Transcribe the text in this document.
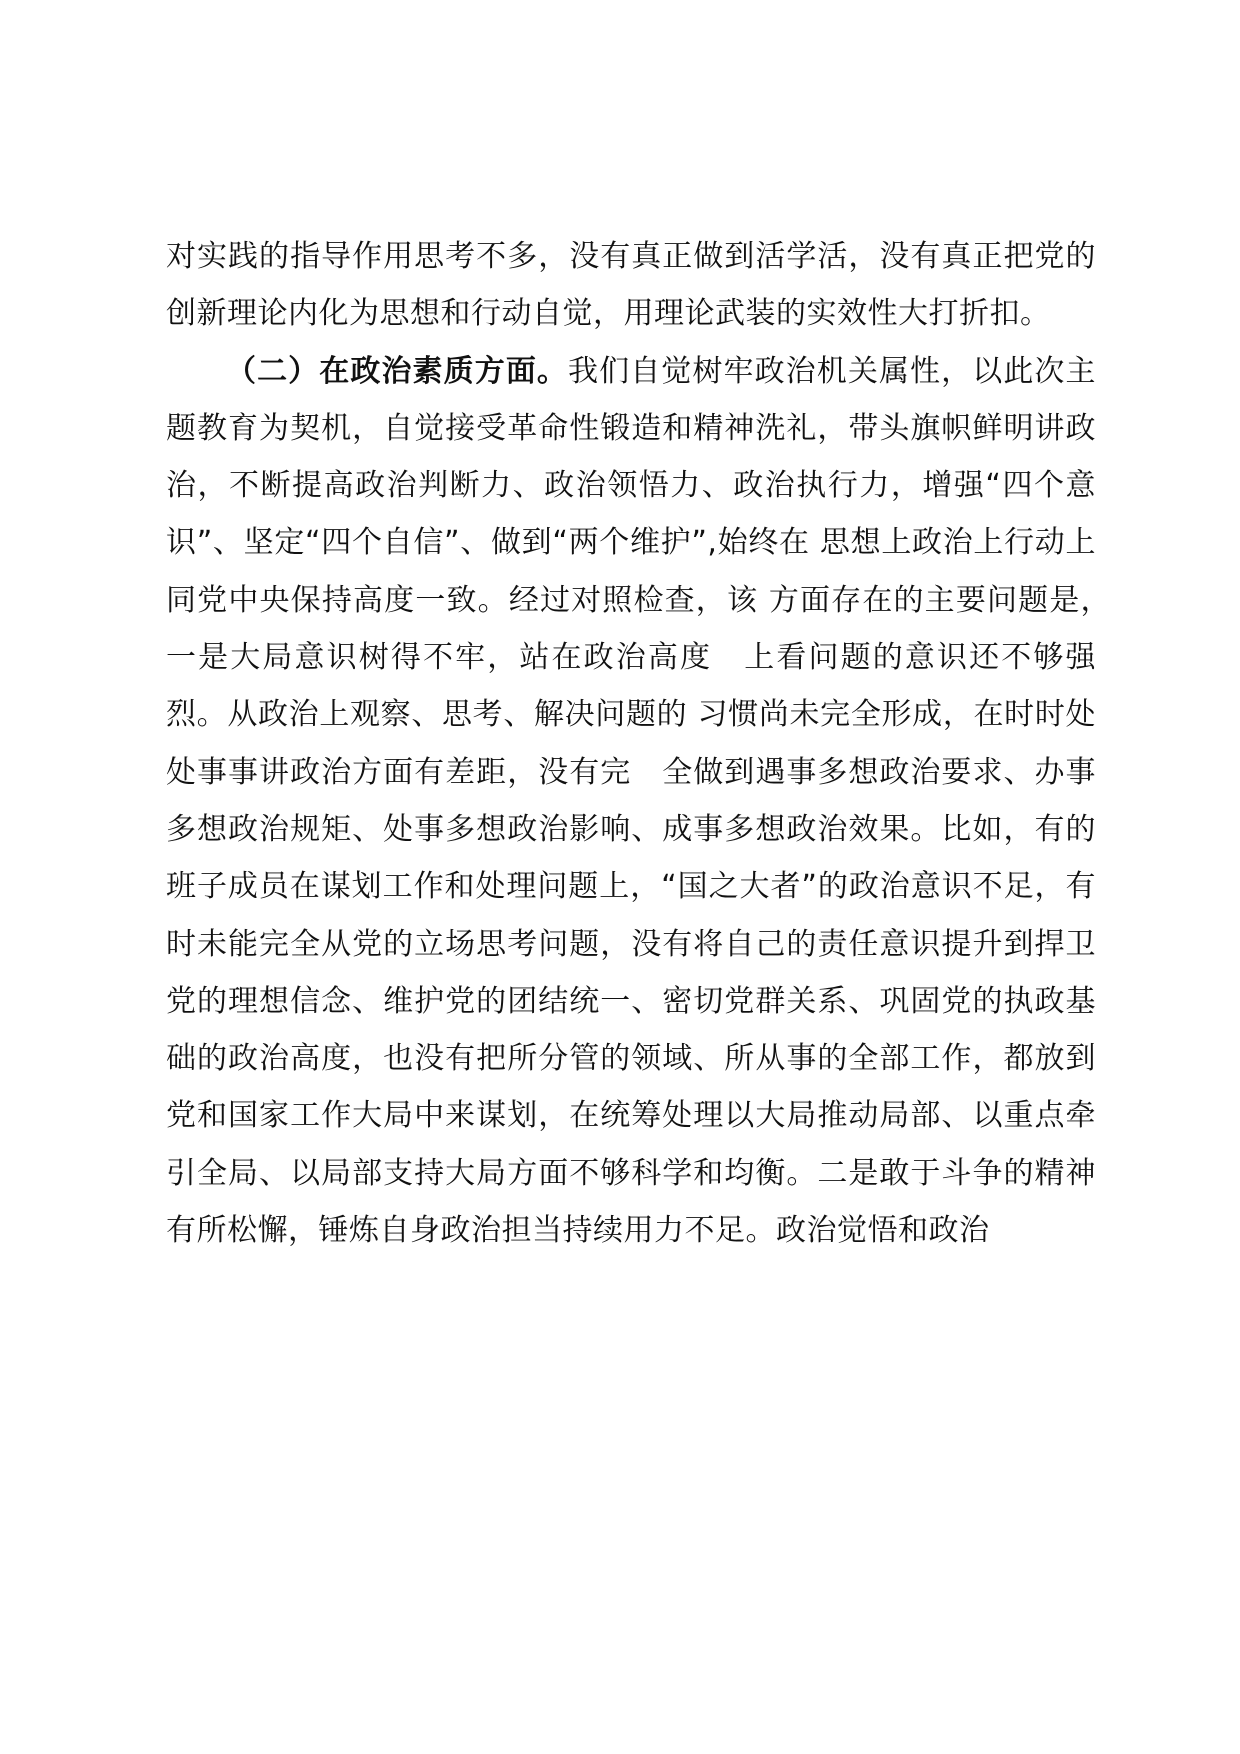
对实践的指导作用思考不多，没有真正做到活学活，没有真正把党的创新理论内化为思想和行动自觉，用理论武装的实效性大打折扣。

（二）在政治素质方面。我们自觉树牢政治机关属性，以此次主题教育为契机，自觉接受革命性锻造和精神洗礼，带头旗帜鲜明讲政治，不断提高政治判断力、政治领悟力、政治执行力，增强“四个意识”、坚定“四个自信”、做到“两个维护”,始终在 思想上政治上行动上同党中央保持高度一致。经过对照检查，该 方面存在的主要问题是，　一是大局意识树得不牢，站在政治高度　上看问题的意识还不够强烈。从政治上观察、思考、解决问题的 习惯尚未完全形成，在时时处处事事讲政治方面有差距，没有完　全做到遇事多想政治要求、办事多想政治规矩、处事多想政治影响、成事多想政治效果。比如，有的班子成员在谋划工作和处理问题上，“国之大者”的政治意识不足，有时未能完全从党的立场思考问题，没有将自己的责任意识提升到捍卫党的理想信念、维护党的团结统一、密切党群关系、巩固党的执政基础的政治高度，也没有把所分管的领域、所从事的全部工作，都放到党和国家工作大局中来谋划，在统筹处理以大局推动局部、以重点牵引全局、以局部支持大局方面不够科学和均衡。二是敢于斗争的精神有所松懈，锤炼自身政治担当持续用力不足。政治觉悟和政治
